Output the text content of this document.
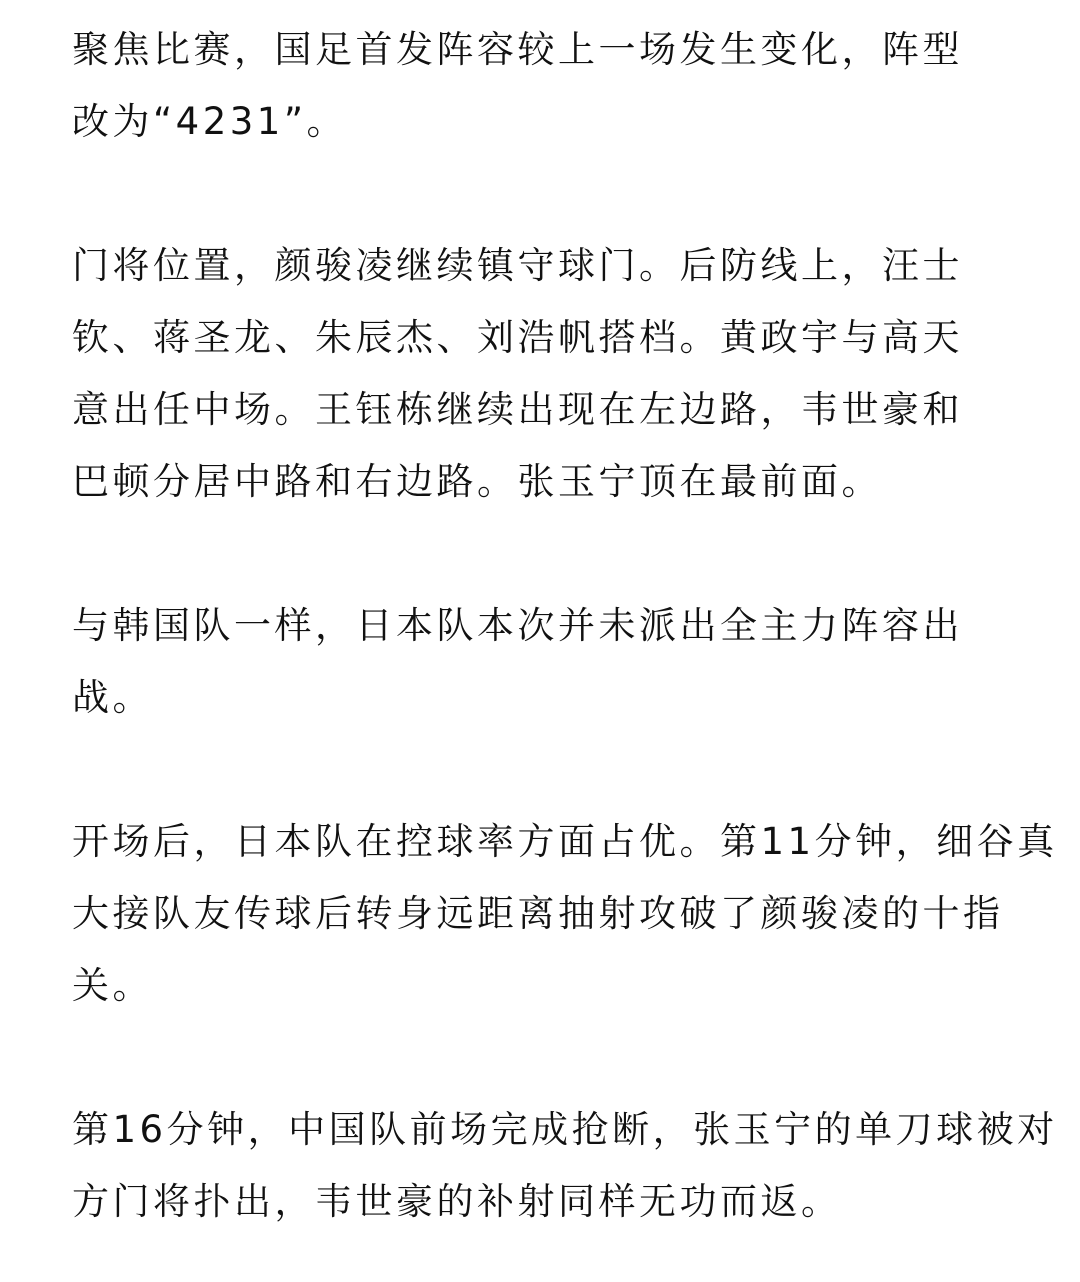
聚焦比赛，国足首发阵容较上一场发生变化，阵型
改为“4231”。

门将位置，颜骏凌继续镇守球门。后防线上，汪士
钦、蒋圣龙、朱辰杰、刘浩帆搭档。黄政宇与高天
意出任中场。王钰栋继续出现在左边路，韦世豪和
巴顿分居中路和右边路。张玉宁顶在最前面。

与韩国队一样，日本队本次并未派出全主力阵容出
战。

开场后，日本队在控球率方面占优。第11分钟，细谷真
大接队友传球后转身远距离抽射攻破了颜骏凌的十指
关。

第16分钟，中国队前场完成抢断，张玉宁的单刀球被对
方门将扑出，韦世豪的补射同样无功而返。
